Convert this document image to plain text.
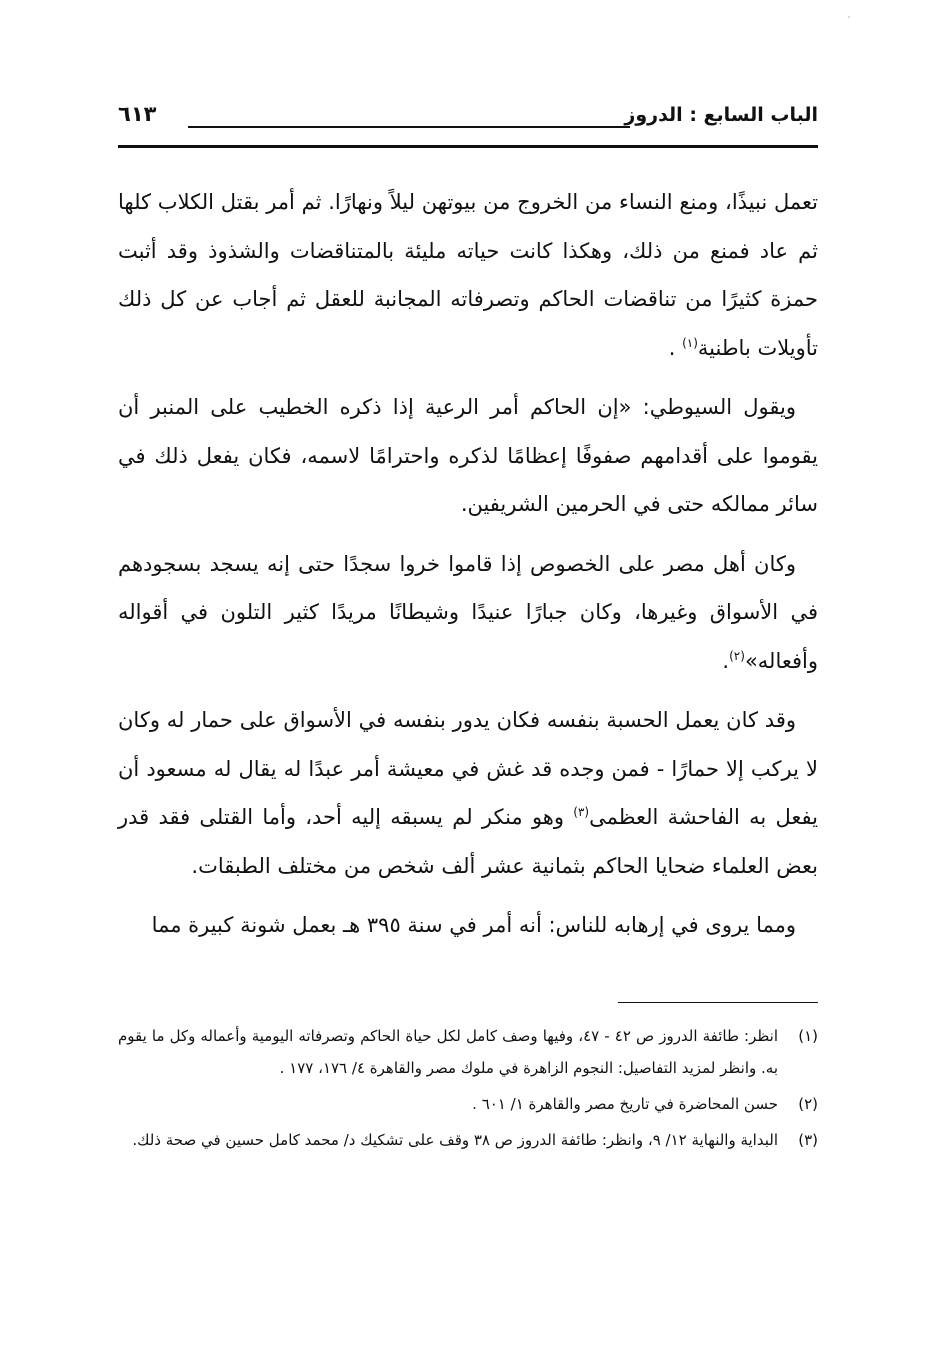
ˊ
الباب السابع : الدروز
٦١٣

تعمل نبيذًا، ومنع النساء من الخروج من بيوتهن ليلاً ونهارًا. ثم أمر بقتل الكلاب كلها ثم عاد فمنع من ذلك، وهكذا كانت حياته مليئة بالمتناقضات والشذوذ وقد أثبت حمزة كثيرًا من تناقضات الحاكم وتصرفاته المجانبة للعقل ثم أجاب عن كل ذلك تأويلات باطنية$^{(١)}$ .

ويقول السيوطي: «إن الحاكم أمر الرعية إذا ذكره الخطيب على المنبر أن يقوموا على أقدامهم صفوفًا إعظامًا لذكره واحترامًا لاسمه، فكان يفعل ذلك في سائر ممالكه حتى في الحرمين الشريفين.

وكان أهل مصر على الخصوص إذا قاموا خروا سجدًا حتى إنه يسجد بسجودهم في الأسواق وغيرها، وكان جبارًا عنيدًا وشيطانًا مريدًا كثير التلون في أقواله وأفعاله»$^{(٢)}$.

وقد كان يعمل الحسبة بنفسه فكان يدور بنفسه في الأسواق على حمار له وكان لا يركب إلا حمارًا - فمن وجده قد غش في معيشة أمر عبدًا له يقال له مسعود أن يفعل به الفاحشة العظمى$^{(٣)}$ وهو منكر لم يسبقه إليه أحد، وأما القتلى فقد قدر بعض العلماء ضحايا الحاكم بثمانية عشر ألف شخص من مختلف الطبقات.

ومما يروى في إرهابه للناس: أنه أمر في سنة ٣٩٥ هـ بعمل شونة كبيرة مما

(١)
انظر: طائفة الدروز ص ٤٢ - ٤٧، وفيها وصف كامل لكل حياة الحاكم وتصرفاته اليومية وأعماله وكل ما يقوم به. وانظر لمزيد التفاصيل: النجوم الزاهرة في ملوك مصر والقاهرة ٤/ ١٧٦، ١٧٧ .
(٢)
حسن المحاضرة في تاريخ مصر والقاهرة ١/ ٦٠١ .
(٣)
البداية والنهاية ١٢/ ٩، وانظر: طائفة الدروز ص ٣٨ وقف على تشكيك د/ محمد كامل حسين في صحة ذلك.
